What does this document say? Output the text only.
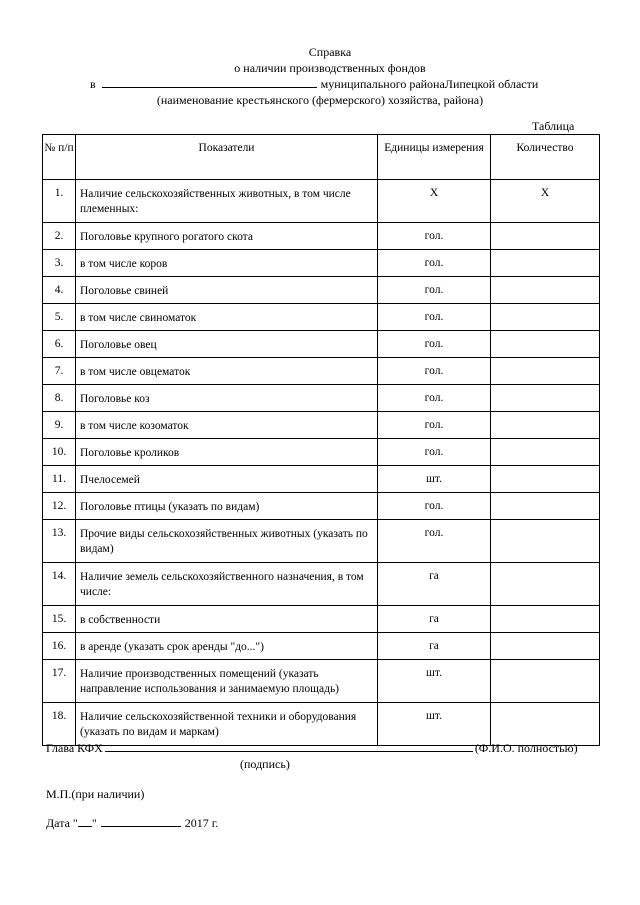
Справка
о наличии производственных фондов
в	муниципального районаЛипецкой области
(наименование крестьянского (фермерского) хозяйства, района)
Таблица
№ п/п	Показатели	Единицы измерения	Количество
1.	Наличие сельскохозяйственных животных, в том числе племенных:	Х	Х
2.	Поголовье крупного рогатого скота	гол.	
3.	в том числе коров	гол.	
4.	Поголовье свиней	гол.	
5.	в том числе свиноматок	гол.	
6.	Поголовье овец	гол.	
7.	в том числе овцематок	гол.	
8.	Поголовье коз	гол.	
9.	в том числе козоматок	гол.	
10.	Поголовье кроликов	гол.	
11.	Пчелосемей	шт.	
12.	Поголовье птицы (указать по видам)	гол.	
13.	Прочие виды сельскохозяйственных животных (указать по видам)	гол.	
14.	Наличие земель сельскохозяйственного назначения, в том числе:	га	
15.	в собственности	га	
16.	в аренде (указать срок аренды "до...")	га	
17.	Наличие производственных помещений (указать направление использования и занимаемую площадь)	шт.	
18.	Наличие сельскохозяйственной техники и оборудования (указать по видам и маркам)	шт.	
Глава КФХ	(Ф.И.О. полностью)
(подпись)
М.П.(при наличии)
Дата " "	2017 г.
